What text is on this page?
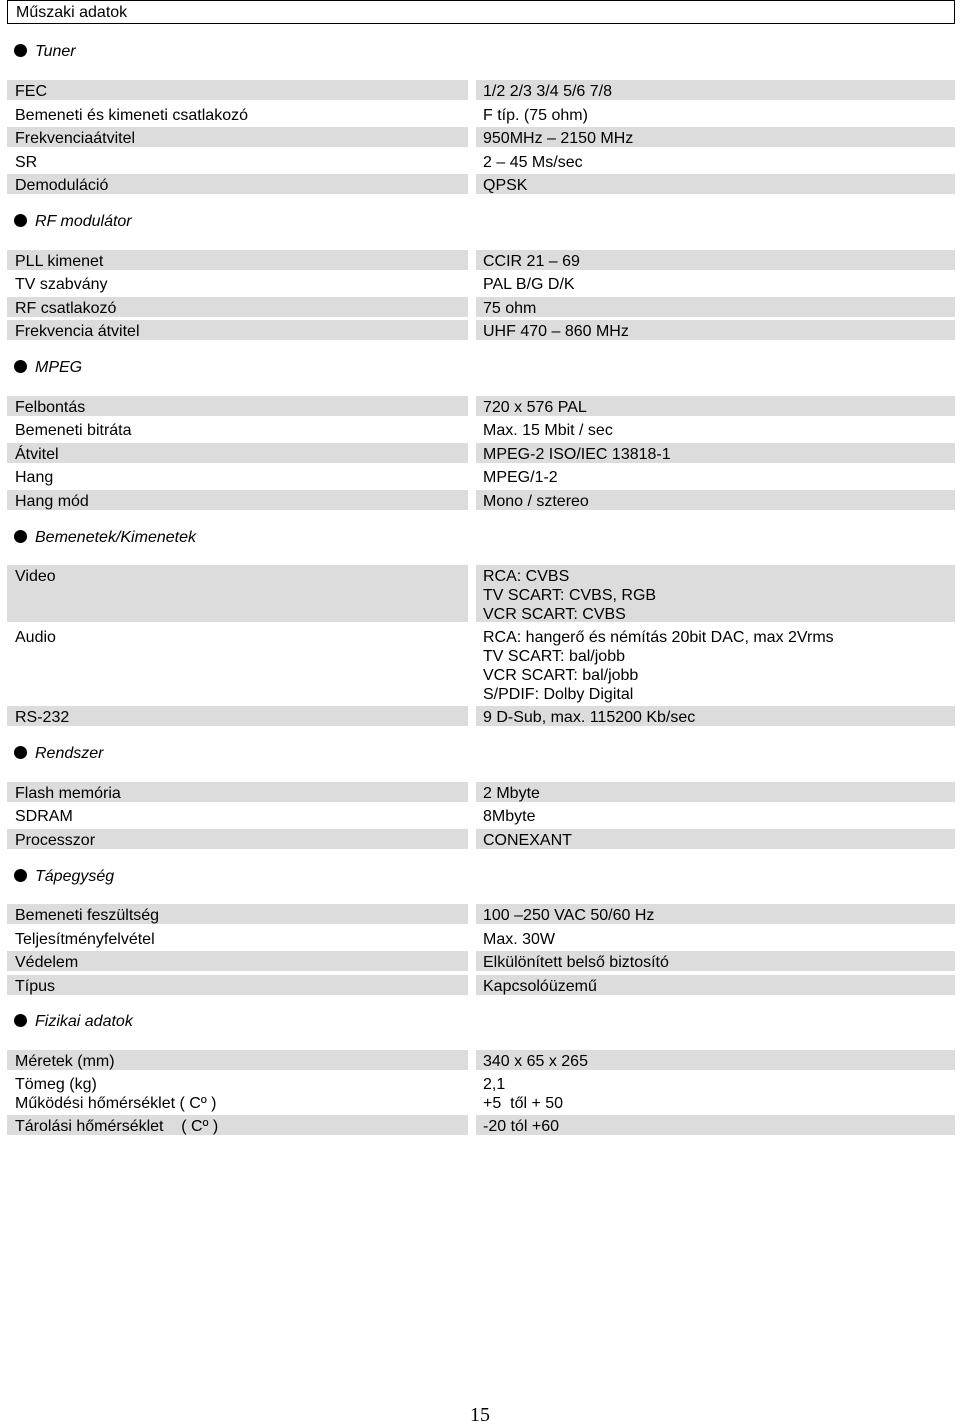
Műszaki adatok
Tuner
FEC	1/2 2/3 3/4 5/6 7/8
Bemeneti és kimeneti csatlakozó	F típ. (75 ohm)
Frekvenciaátvitel	950MHz – 2150 MHz
SR	2 – 45 Ms/sec
Demoduláció	QPSK
RF modulátor
PLL kimenet	CCIR 21 – 69
TV szabvány	PAL B/G D/K
RF csatlakozó	75 ohm
Frekvencia átvitel	UHF 470 – 860 MHz
MPEG
Felbontás	720 x 576 PAL
Bemeneti bitráta	Max. 15 Mbit / sec
Átvitel	MPEG-2 ISO/IEC 13818-1
Hang	MPEG/1-2
Hang mód	Mono / sztereo
Bemenetek/Kimenetek
Video	RCA: CVBS
TV SCART: CVBS, RGB
VCR SCART: CVBS
Audio	RCA: hangerő és némítás 20bit DAC, max 2Vrms
TV SCART: bal/jobb
VCR SCART: bal/jobb
S/PDIF: Dolby Digital
RS-232	9 D-Sub, max. 115200 Kb/sec
Rendszer
Flash memória	2 Mbyte
SDRAM	8Mbyte
Processzor	CONEXANT
Tápegység
Bemeneti feszültség	100 –250 VAC 50/60 Hz
Teljesítményfelvétel	Max. 30W
Védelem	Elkülönített belső biztosító
Típus	Kapcsolóüzemű
Fizikai adatok
Méretek (mm)	340 x 65 x 265
Tömeg (kg)	2,1
Működési hőmérséklet ( Cº )	+5  től + 50
Tárolási hőmérséklet    ( Cº )	-20 tól +60
15
